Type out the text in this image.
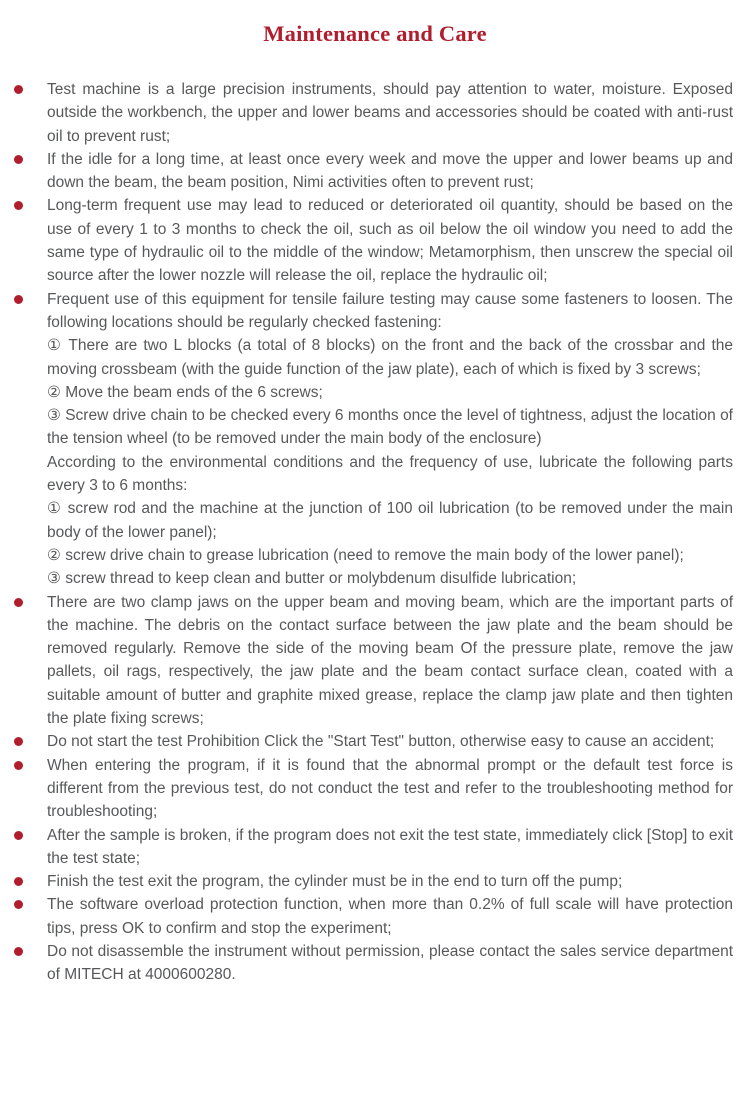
Maintenance and Care

Test machine is a large precision instruments, should pay attention to water, moisture. Exposed outside the workbench, the upper and lower beams and accessories should be coated with anti-rust oil to prevent rust;

If the idle for a long time, at least once every week and move the upper and lower beams up and down the beam, the beam position, Nimi activities often to prevent rust;

Long-term frequent use may lead to reduced or deteriorated oil quantity, should be based on the use of every 1 to 3 months to check the oil, such as oil below the oil window you need to add the same type of hydraulic oil to the middle of the window; Metamorphism, then unscrew the special oil source after the lower nozzle will release the oil, replace the hydraulic oil;

Frequent use of this equipment for tensile failure testing may cause some fasteners to loosen. The following locations should be regularly checked fastening:

① There are two L blocks (a total of 8 blocks) on the front and the back of the crossbar and the moving crossbeam (with the guide function of the jaw plate), each of which is fixed by 3 screws;

② Move the beam ends of the 6 screws;

③ Screw drive chain to be checked every 6 months once the level of tightness, adjust the location of the tension wheel (to be removed under the main body of the enclosure)

According to the environmental conditions and the frequency of use, lubricate the following parts every 3 to 6 months:

① screw rod and the machine at the junction of 100 oil lubrication (to be removed under the main body of the lower panel);

② screw drive chain to grease lubrication (need to remove the main body of the lower panel);

③ screw thread to keep clean and butter or molybdenum disulfide lubrication;

There are two clamp jaws on the upper beam and moving beam, which are the important parts of the machine. The debris on the contact surface between the jaw plate and the beam should be removed regularly. Remove the side of the moving beam Of the pressure plate, remove the jaw pallets, oil rags, respectively, the jaw plate and the beam contact surface clean, coated with a suitable amount of butter and graphite mixed grease, replace the clamp jaw plate and then tighten the plate fixing screws;

Do not start the test Prohibition Click the "Start Test" button, otherwise easy to cause an accident;

When entering the program, if it is found that the abnormal prompt or the default test force is different from the previous test, do not conduct the test and refer to the troubleshooting method for troubleshooting;

After the sample is broken, if the program does not exit the test state, immediately click [Stop] to exit the test state;

Finish the test exit the program, the cylinder must be in the end to turn off the pump;

The software overload protection function, when more than 0.2% of full scale will have protection tips, press OK to confirm and stop the experiment;

Do not disassemble the instrument without permission, please contact the sales service department of MITECH at 4000600280.
